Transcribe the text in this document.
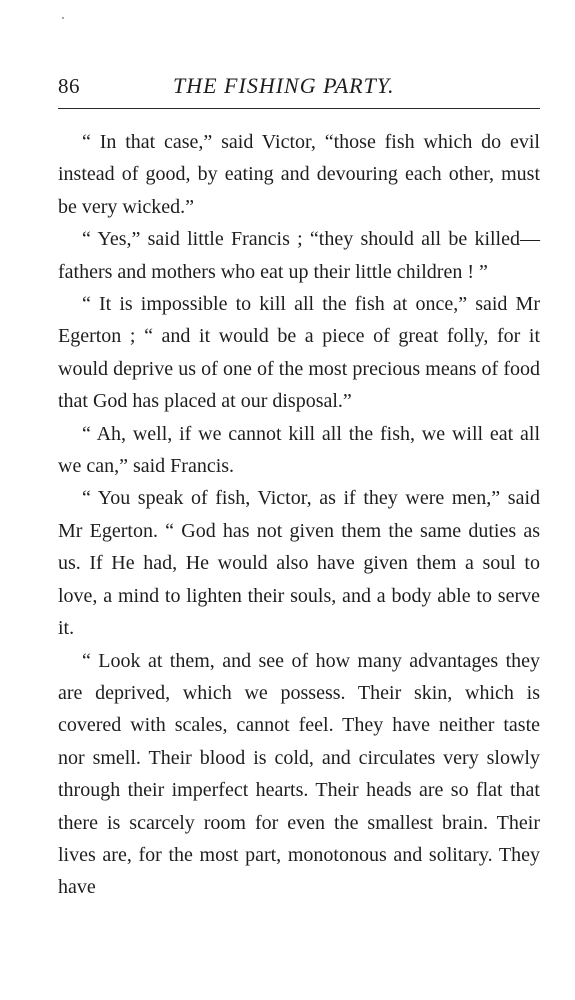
86	THE FISHING PARTY.

“ In that case,” said Victor, “those fish which do evil instead of good, by eating and devouring each other, must be very wicked.”

“ Yes,” said little Francis ; “they should all be killed—fathers and mothers who eat up their little children ! ”

“ It is impossible to kill all the fish at once,” said Mr Egerton ; “ and it would be a piece of great folly, for it would deprive us of one of the most precious means of food that God has placed at our disposal.”

“ Ah, well, if we cannot kill all the fish, we will eat all we can,” said Francis.

“ You speak of fish, Victor, as if they were men,” said Mr Egerton. “ God has not given them the same duties as us. If He had, He would also have given them a soul to love, a mind to lighten their souls, and a body able to serve it.

“ Look at them, and see of how many advantages they are deprived, which we possess. Their skin, which is covered with scales, cannot feel. They have neither taste nor smell. Their blood is cold, and circulates very slowly through their imperfect hearts. Their heads are so flat that there is scarcely room for even the smallest brain. Their lives are, for the most part, monotonous and solitary. They have
